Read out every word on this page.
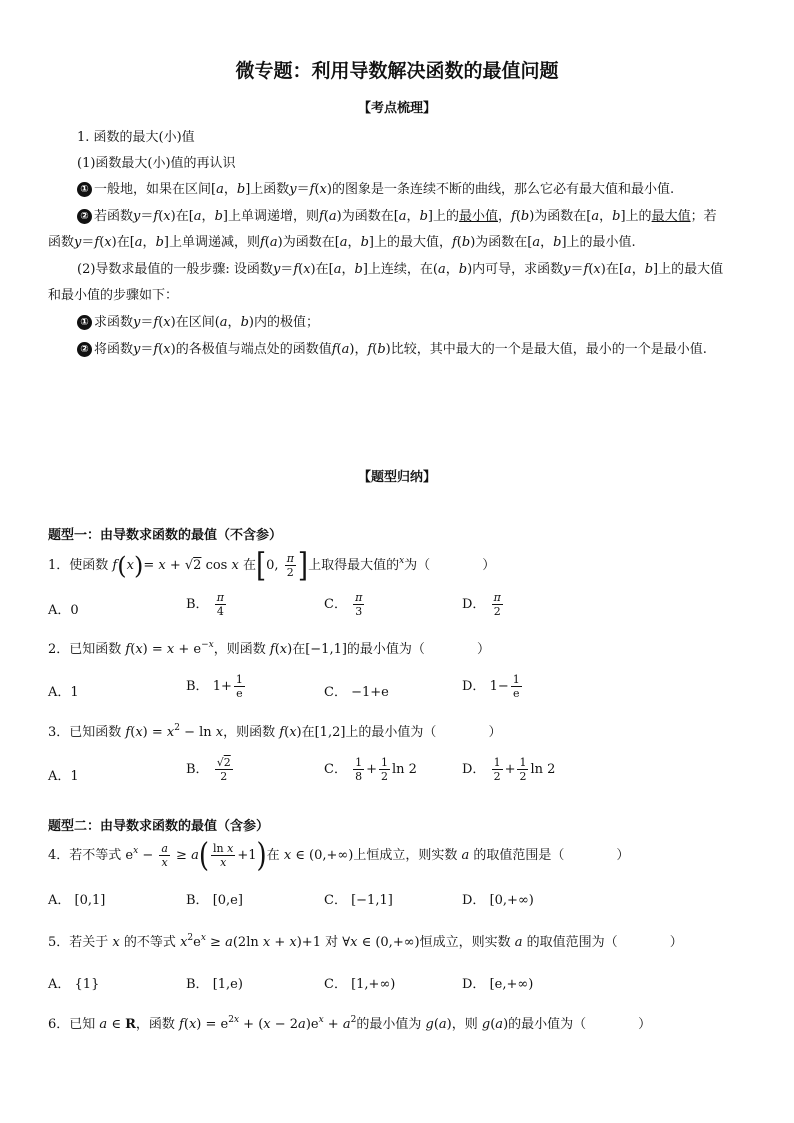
微专题：利用导数解决函数的最值问题
【考点梳理】
1. 函数的最大(小)值
(1)函数最大(小)值的再认识
① 一般地，如果在区间[a，b]上函数y＝f(x)的图象是一条连续不断的曲线，那么它必有最大值和最小值.
② 若函数y＝f(x)在[a，b]上单调递增，则f(a)为函数在[a，b]上的最小值，f(b)为函数在[a，b]上的最大值；若
函数y＝f(x)在[a，b]上单调递减，则f(a)为函数在[a，b]上的最大值，f(b)为函数在[a，b]上的最小值.
(2)导数求最值的一般步骤: 设函数y＝f(x)在[a，b]上连续，在(a，b)内可导，求函数y＝f(x)在[a，b]上的最大值
和最小值的步骤如下：
① 求函数y＝f(x)在区间(a，b)内的极值；
② 将函数y＝f(x)的各极值与端点处的函数值f(a)，f(b)比较，其中最大的一个是最大值，最小的一个是最小值.
【题型归纳】
题型一：由导数求函数的最值（不含参）
1．使函数 f(x)= x + √2 cos x 在[0, $\frac{\pi}{2}$ ]上取得最大值的$^x$为（	）
A．0	B． $\frac{\pi}{4}$	C． $\frac{\pi}{3}$	D． $\frac{\pi}{2}$
2．已知函数 $f(x) = x + e^{-x}$，则函数 f(x)在[−1,1]的最小值为（	）
A．1	B． $1+ \frac{1}{e}$	C． −1+e	D． $1- \frac{1}{e}$
3．已知函数 $f(x) = x^2 - \ln x$，则函数 f(x)在[1,2]上的最小值为（	）
A．1	B． $\frac{√2}{2}$	C． $\frac{1}{8} + \frac{1}{2}$ ln 2	D． $\frac{1}{2} + \frac{1}{2}$ ln 2
题型二：由导数求函数的最值（含参）
4．若不等式 $e^x - \frac{a}{x} \ge a( \frac{\text{ln x}}{x} +1)$在 x ∈ (0,+∞)上恒成立，则实数 a 的取值范围是（	）
A． [0,1]	B． [0,e]	C． [−1,1]	D． [0,+∞)
5．若关于 x 的不等式 $x^2e^x \ge a(2\ln$ x + x)+1 对 ∀x ∈ (0,+∞)恒成立，则实数 a 的取值范围为（	）
A． {1}	B． [1,e)	C． [1,+∞)	D． [e,+∞)
6．已知 a ∈ R，函数 $f(x) = e^{2x} + (x - 2a)e^x + a^2$的最小值为 g(a)，则 g(a)的最小值为（	）
